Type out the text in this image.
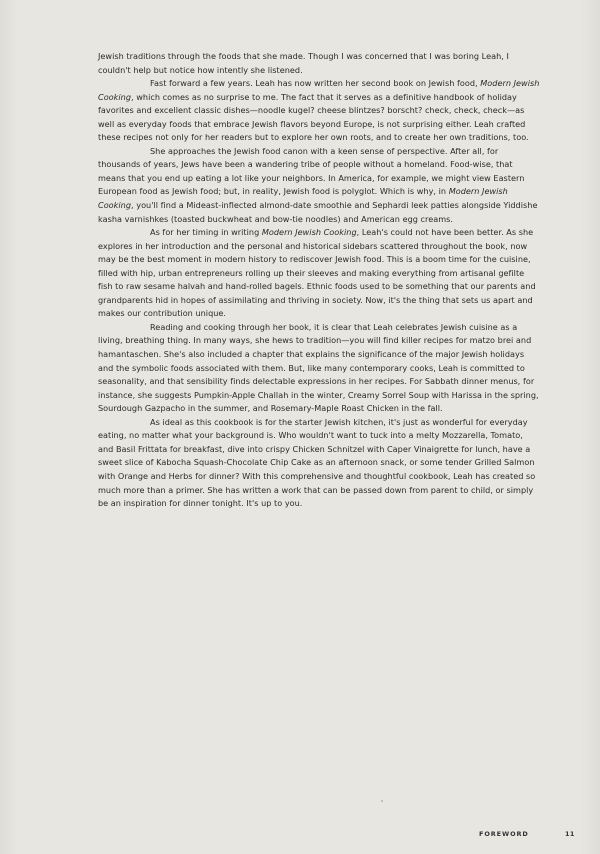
Jewish traditions through the foods that she made. Though I was concerned that I was boring Leah, I couldn't help but notice how intently she listened.

Fast forward a few years. Leah has now written her second book on Jewish food, Modern Jewish Cooking, which comes as no surprise to me. The fact that it serves as a definitive handbook of holiday favorites and excellent classic dishes—noodle kugel? cheese blintzes? borscht? check, check, check—as well as everyday foods that embrace Jewish flavors beyond Europe, is not surprising either. Leah crafted these recipes not only for her readers but to explore her own roots, and to create her own traditions, too.

She approaches the Jewish food canon with a keen sense of perspective. After all, for thousands of years, Jews have been a wandering tribe of people without a homeland. Food-wise, that means that you end up eating a lot like your neighbors. In America, for example, we might view Eastern European food as Jewish food; but, in reality, Jewish food is polyglot. Which is why, in Modern Jewish Cooking, you'll find a Mideast-inflected almond-date smoothie and Sephardi leek patties alongside Yiddishe kasha varnishkes (toasted buckwheat and bow-tie noodles) and American egg creams.

As for her timing in writing Modern Jewish Cooking, Leah's could not have been better. As she explores in her introduction and the personal and historical sidebars scattered throughout the book, now may be the best moment in modern history to rediscover Jewish food. This is a boom time for the cuisine, filled with hip, urban entrepreneurs rolling up their sleeves and making everything from artisanal gefilte fish to raw sesame halvah and hand-rolled bagels. Ethnic foods used to be something that our parents and grandparents hid in hopes of assimilating and thriving in society. Now, it's the thing that sets us apart and makes our contribution unique.

Reading and cooking through her book, it is clear that Leah celebrates Jewish cuisine as a living, breathing thing. In many ways, she hews to tradition—you will find killer recipes for matzo brei and hamantaschen. She's also included a chapter that explains the significance of the major Jewish holidays and the symbolic foods associated with them. But, like many contemporary cooks, Leah is committed to seasonality, and that sensibility finds delectable expressions in her recipes. For Sabbath dinner menus, for instance, she suggests Pumpkin-Apple Challah in the winter, Creamy Sorrel Soup with Harissa in the spring, Sourdough Gazpacho in the summer, and Rosemary-Maple Roast Chicken in the fall.

As ideal as this cookbook is for the starter Jewish kitchen, it's just as wonderful for everyday eating, no matter what your background is. Who wouldn't want to tuck into a melty Mozzarella, Tomato, and Basil Frittata for breakfast, dive into crispy Chicken Schnitzel with Caper Vinaigrette for lunch, have a sweet slice of Kabocha Squash-Chocolate Chip Cake as an afternoon snack, or some tender Grilled Salmon with Orange and Herbs for dinner? With this comprehensive and thoughtful cookbook, Leah has created so much more than a primer. She has written a work that can be passed down from parent to child, or simply be an inspiration for dinner tonight. It's up to you.

FOREWORD	11
